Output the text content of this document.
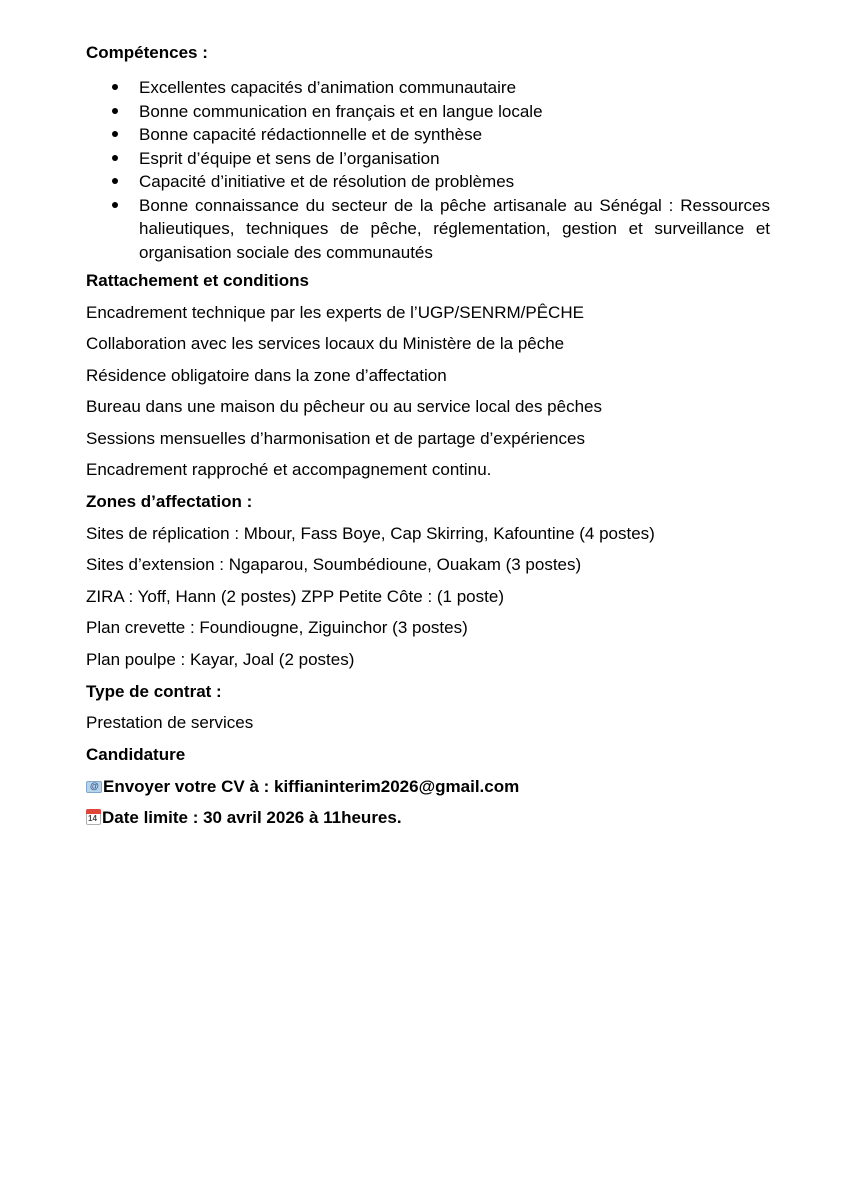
Compétences :
Excellentes capacités d’animation communautaire
Bonne communication en français et en langue locale
Bonne capacité rédactionnelle et de synthèse
Esprit d’équipe et sens de l’organisation
Capacité d’initiative et de résolution de problèmes
Bonne connaissance du secteur de la pêche artisanale au Sénégal : Ressources halieutiques, techniques de pêche, réglementation, gestion et surveillance et organisation sociale des communautés
Rattachement et conditions
Encadrement technique par les experts de l’UGP/SENRM/PÊCHE
Collaboration avec les services locaux du Ministère de la pêche
Résidence obligatoire dans la zone d’affectation
Bureau dans une maison du pêcheur ou au service local des pêches
Sessions mensuelles d’harmonisation et de partage d’expériences
Encadrement rapproché et accompagnement continu.
Zones d’affectation :
Sites de réplication : Mbour, Fass Boye, Cap Skirring, Kafountine (4 postes)
Sites d’extension : Ngaparou, Soumbédioune, Ouakam (3 postes)
ZIRA : Yoff, Hann (2 postes) ZPP Petite Côte : (1 poste)
Plan crevette : Foundiougne, Ziguinchor (3 postes)
Plan poulpe : Kayar, Joal (2 postes)
Type de contrat :
Prestation de services
Candidature
@ Envoyer votre CV à : kiffianinterim2026@gmail.com
14 Date limite : 30 avril 2026 à 11heures.
